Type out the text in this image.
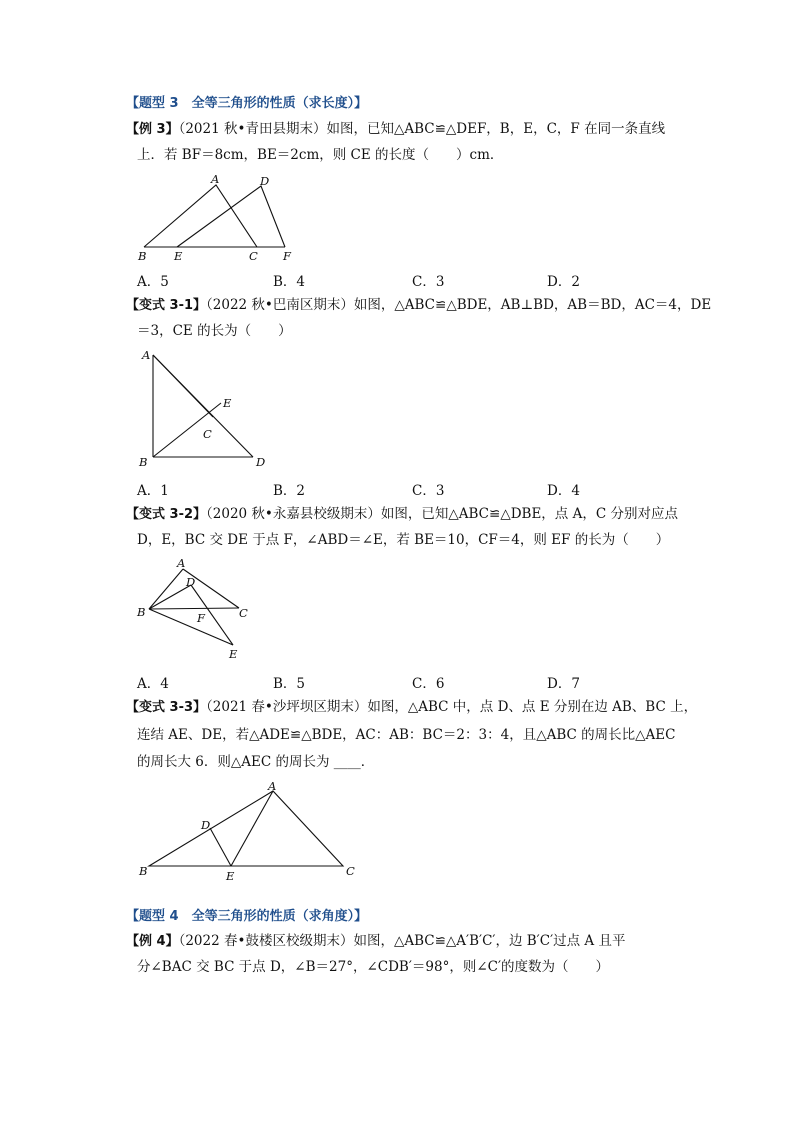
【题型 3　全等三角形的性质（求长度）】
【例 3】（2021 秋•青田县期末）如图，已知△ABC≌△DEF，B，E，C，F 在同一条直线
上．若 BF＝8cm，BE＝2cm，则 CE 的长度（　　）cm．
A	D
B E	C F
A．5	B．4	C．3	D．2
【变式 3-1】（2022 秋•巴南区期末）如图，△ABC≌△BDE，AB⊥BD，AB＝BD，AC＝4，DE
＝3，CE 的长为（　　）
A
E
C
B	D
A．1	B．2	C．3	D．4
【变式 3-2】（2020 秋•永嘉县校级期末）如图，已知△ABC≌△DBE，点 A，C 分别对应点
D，E，BC 交 DE 于点 F，∠ABD＝∠E，若 BE＝10，CF＝4，则 EF 的长为（　　）
A
D
B	F	C
E
A．4	B．5	C．6	D．7
【变式 3-3】（2021 春•沙坪坝区期末）如图，△ABC 中，点 D、点 E 分别在边 AB、BC 上，
连结 AE、DE，若△ADE≌△BDE，AC：AB：BC＝2：3：4，且△ABC 的周长比△AEC
的周长大 6．则△AEC 的周长为 ____．
A
D
B	E	C
【题型 4　全等三角形的性质（求角度）】
【例 4】（2022 春•鼓楼区校级期末）如图，△ABC≌△A′B′C′，边 B′C′过点 A 且平
分∠BAC 交 BC 于点 D，∠B＝27°，∠CDB′＝98°，则∠C′的度数为（　　）
